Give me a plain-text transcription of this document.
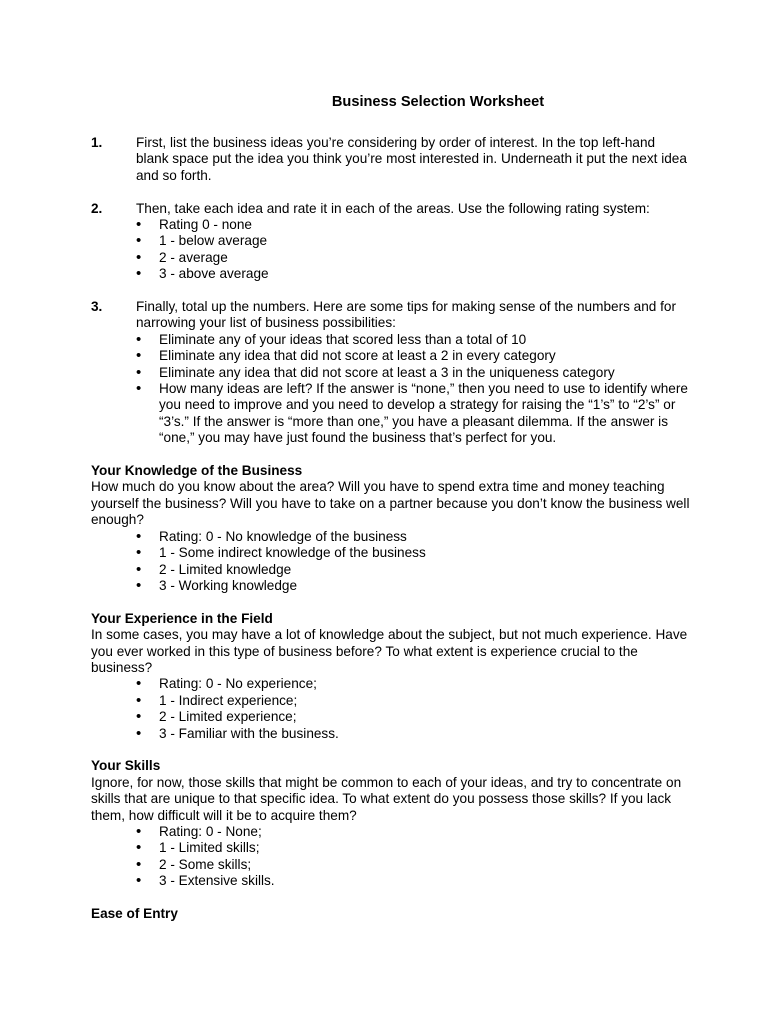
Business Selection Worksheet
1. First, list the business ideas you’re considering by order of interest. In the top left-hand blank space put the idea you think you’re most interested in. Underneath it put the next idea and so forth.

2. Then, take each idea and rate it in each of the areas. Use the following rating system:

• Rating 0 - none
• 1 - below average
• 2 - average
• 3 - above average
3. Finally, total up the numbers. Here are some tips for making sense of the numbers and for narrowing your list of business possibilities:

• Eliminate any of your ideas that scored less than a total of 10
• Eliminate any idea that did not score at least a 2 in every category
• Eliminate any idea that did not score at least a 3 in the uniqueness category
• How many ideas are left? If the answer is “none,” then you need to use to identify where you need to improve and you need to develop a strategy for raising the “1’s” to “2’s” or “3’s.” If the answer is “more than one,” you have a pleasant dilemma. If the answer is “one,” you may have just found the business that’s perfect for you.
Your Knowledge of the Business

How much do you know about the area? Will you have to spend extra time and money teaching yourself the business? Will you have to take on a partner because you don’t know the business well enough?

• Rating: 0 - No knowledge of the business
• 1 - Some indirect knowledge of the business
• 2 - Limited knowledge
• 3 - Working knowledge
Your Experience in the Field

In some cases, you may have a lot of knowledge about the subject, but not much experience. Have you ever worked in this type of business before? To what extent is experience crucial to the business?

• Rating: 0 - No experience;
• 1 - Indirect experience;
• 2 - Limited experience;
• 3 - Familiar with the business.
Your Skills

Ignore, for now, those skills that might be common to each of your ideas, and try to concentrate on skills that are unique to that specific idea. To what extent do you possess those skills? If you lack them, how difficult will it be to acquire them?

• Rating: 0 - None;
• 1 - Limited skills;
• 2 - Some skills;
• 3 - Extensive skills.
Ease of Entry
